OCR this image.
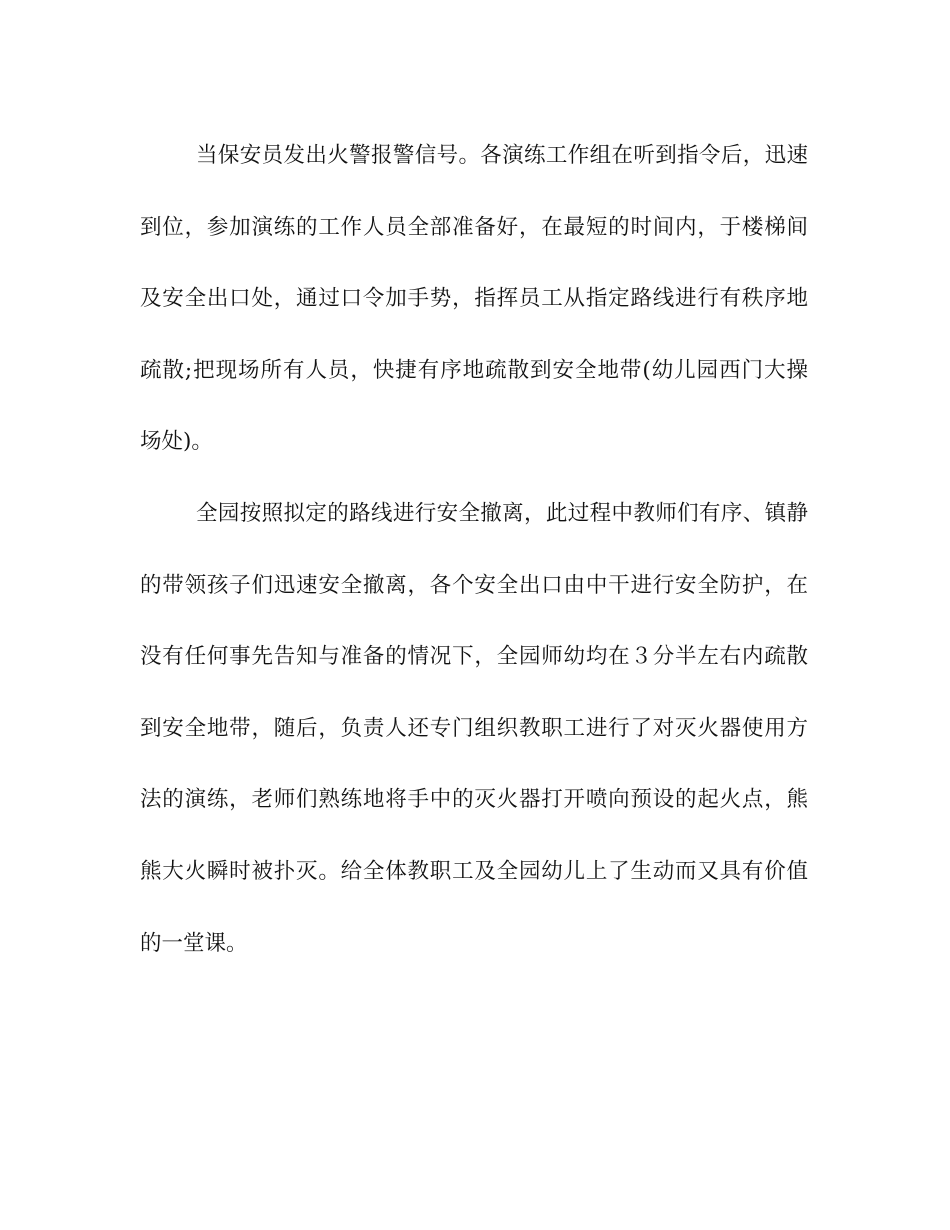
当保安员发出火警报警信号。各演练工作组在听到指令后，迅速

到位，参加演练的工作人员全部准备好，在最短的时间内，于楼梯间

及安全出口处，通过口令加手势，指挥员工从指定路线进行有秩序地

疏散;把现场所有人员，快捷有序地疏散到安全地带(幼儿园西门大操

场处)。

全园按照拟定的路线进行安全撤离，此过程中教师们有序、镇静

的带领孩子们迅速安全撤离，各个安全出口由中干进行安全防护，在

没有任何事先告知与准备的情况下，全园师幼均在３分半左右内疏散

到安全地带，随后，负责人还专门组织教职工进行了对灭火器使用方

法的演练，老师们熟练地将手中的灭火器打开喷向预设的起火点，熊

熊大火瞬时被扑灭。给全体教职工及全园幼儿上了生动而又具有价值

的一堂课。
